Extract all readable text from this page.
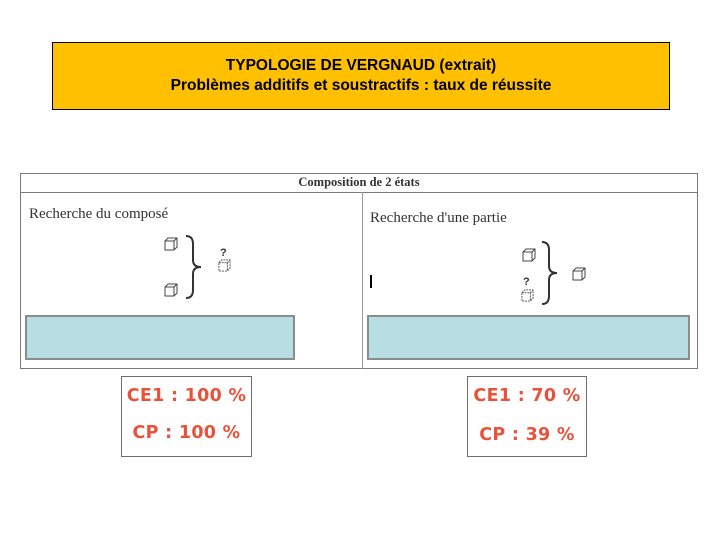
TYPOLOGIE DE VERGNAUD (extrait)
Problèmes additifs et soustractifs : taux de réussite
Composition de 2 états
Recherche du composé
?
Recherche d'une partie
?
CE1 : 100 %
CP : 100 %
CE1 : 70 %
CP : 39 %
